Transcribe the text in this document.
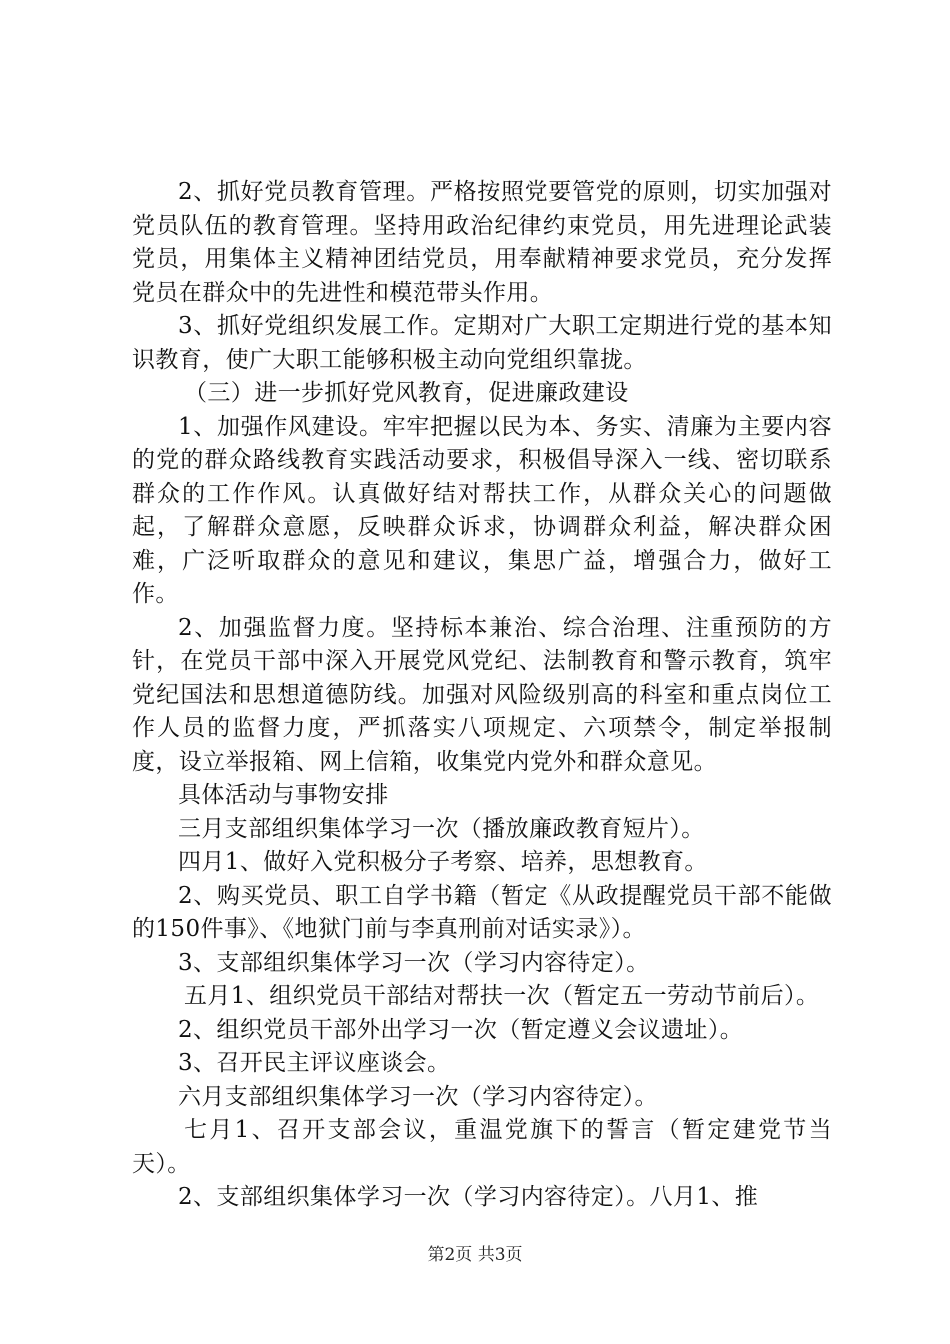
2、抓好党员教育管理。严格按照党要管党的原则，切实加强对党员队伍的教育管理。坚持用政治纪律约束党员，用先进理论武装党员，用集体主义精神团结党员，用奉献精神要求党员，充分发挥党员在群众中的先进性和模范带头作用。

3、抓好党组织发展工作。定期对广大职工定期进行党的基本知识教育，使广大职工能够积极主动向党组织靠拢。

（三）进一步抓好党风教育，促进廉政建设

1、加强作风建设。牢牢把握以民为本、务实、清廉为主要内容的党的群众路线教育实践活动要求，积极倡导深入一线、密切联系群众的工作作风。认真做好结对帮扶工作，从群众关心的问题做起，了解群众意愿，反映群众诉求，协调群众利益，解决群众困难，广泛听取群众的意见和建议，集思广益，增强合力，做好工作。

2、加强监督力度。坚持标本兼治、综合治理、注重预防的方针，在党员干部中深入开展党风党纪、法制教育和警示教育，筑牢党纪国法和思想道德防线。加强对风险级别高的科室和重点岗位工作人员的监督力度，严抓落实八项规定、六项禁令，制定举报制度，设立举报箱、网上信箱，收集党内党外和群众意见。

具体活动与事物安排

三月支部组织集体学习一次（播放廉政教育短片）。

四月1、做好入党积极分子考察、培养，思想教育。

2、购买党员、职工自学书籍（暂定《从政提醒党员干部不能做的150件事》、《地狱门前与李真刑前对话实录》）。

3、支部组织集体学习一次（学习内容待定）。

五月1、组织党员干部结对帮扶一次（暂定五一劳动节前后）。

2、组织党员干部外出学习一次（暂定遵义会议遗址）。

3、召开民主评议座谈会。

六月支部组织集体学习一次（学习内容待定）。

七月1、召开支部会议，重温党旗下的誓言（暂定建党节当天）。

2、支部组织集体学习一次（学习内容待定）。八月1、推

第2页 共3页
